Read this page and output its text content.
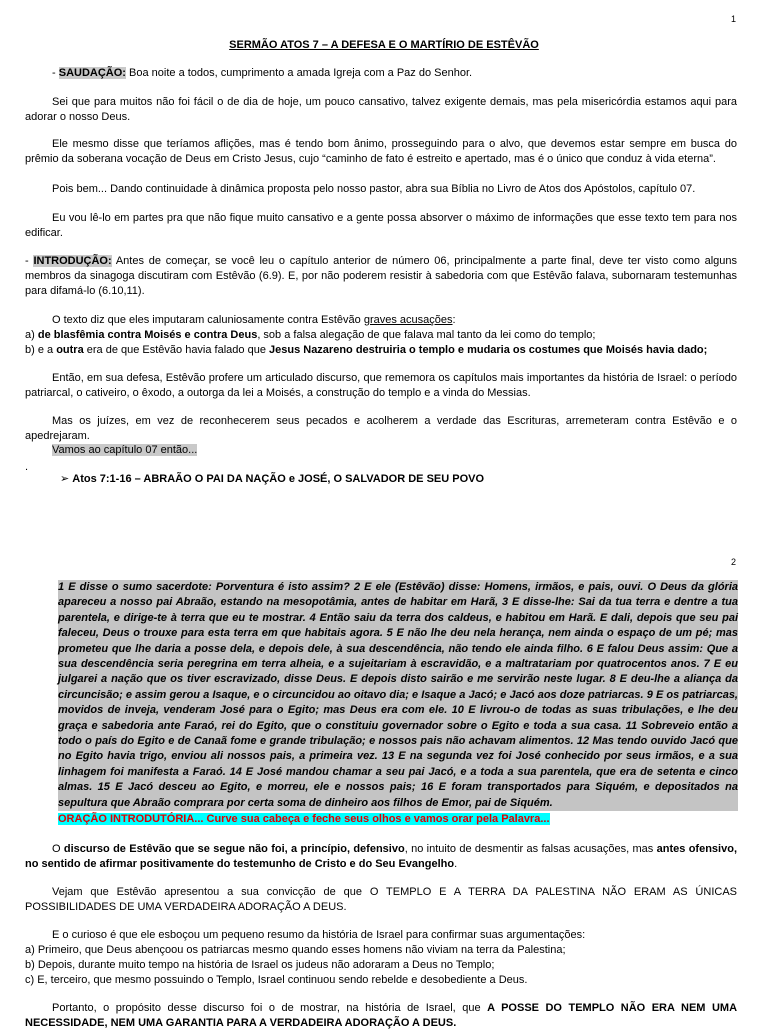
1
SERMÃO ATOS 7 – A DEFESA E O MARTÍRIO DE ESTÊVÃO
- SAUDAÇÃO: Boa noite a todos, cumprimento a amada Igreja com a Paz do Senhor.
Sei que para muitos não foi fácil o de dia de hoje, um pouco cansativo, talvez exigente demais, mas pela misericórdia estamos aqui para adorar o nosso Deus.
Ele mesmo disse que teríamos aflições, mas é tendo bom ânimo, prosseguindo para o alvo, que devemos estar sempre em busca do prêmio da soberana vocação de Deus em Cristo Jesus, cujo “caminho de fato é estreito e apertado, mas é o único que conduz à vida eterna”.
Pois bem... Dando continuidade à dinâmica proposta pelo nosso pastor, abra sua Bíblia no Livro de Atos dos Apóstolos, capítulo 07.
Eu vou lê-lo em partes pra que não fique muito cansativo e a gente possa absorver o máximo de informações que esse texto tem para nos edificar.
- INTRODUÇÃO: Antes de começar, se você leu o capítulo anterior de número 06, principalmente a parte final, deve ter visto como alguns membros da sinagoga discutiram com Estêvão (6.9). E, por não poderem resistir à sabedoria com que Estêvão falava, subornaram testemunhas para difamá-lo (6.10,11).
O texto diz que eles imputaram caluniosamente contra Estêvão graves acusações:
a) de blasfêmia contra Moisés e contra Deus, sob a falsa alegação de que falava mal tanto da lei como do templo;
b) e a outra era de que Estêvão havia falado que Jesus Nazareno destruiria o templo e mudaria os costumes que Moisés havia dado;
Então, em sua defesa, Estêvão profere um articulado discurso, que rememora os capítulos mais importantes da história de Israel: o período patriarcal, o cativeiro, o êxodo, a outorga da lei a Moisés, a construção do templo e a vinda do Messias.
Mas os juízes, em vez de reconhecerem seus pecados e acolherem a verdade das Escrituras, arremeteram contra Estêvão e o apedrejaram.
Vamos ao capítulo 07 então...
.
➢ Atos 7:1-16 – ABRAÃO O PAI DA NAÇÃO e JOSÉ, O SALVADOR DE SEU POVO
2
1 E disse o sumo sacerdote: Porventura é isto assim? 2 E ele (Estêvão) disse: Homens, irmãos, e pais, ouvi. O Deus da glória apareceu a nosso pai Abraão, estando na mesopotâmia, antes de habitar em Harã, 3 E disse-lhe: Sai da tua terra e dentre a tua parentela, e dirige-te à terra que eu te mostrar. 4 Então saiu da terra dos caldeus, e habitou em Harã. E dali, depois que seu pai faleceu, Deus o trouxe para esta terra em que habitais agora. 5 E não lhe deu nela herança, nem ainda o espaço de um pé; mas prometeu que lhe daria a posse dela, e depois dele, à sua descendência, não tendo ele ainda filho. 6 E falou Deus assim: Que a sua descendência seria peregrina em terra alheia, e a sujeitariam à escravidão, e a maltratariam por quatrocentos anos. 7 E eu julgarei a nação que os tiver escravizado, disse Deus. E depois disto sairão e me servirão neste lugar. 8 E deu-lhe a aliança da circuncisão; e assim gerou a Isaque, e o circuncidou ao oitavo dia; e Isaque a Jacó; e Jacó aos doze patriarcas. 9 E os patriarcas, movidos de inveja, venderam José para o Egito; mas Deus era com ele. 10 E livrou-o de todas as suas tribulações, e lhe deu graça e sabedoria ante Faraó, rei do Egito, que o constituiu governador sobre o Egito e toda a sua casa. 11 Sobreveio então a todo o país do Egito e de Canaã fome e grande tribulação; e nossos pais não achavam alimentos. 12 Mas tendo ouvido Jacó que no Egito havia trigo, enviou ali nossos pais, a primeira vez. 13 E na segunda vez foi José conhecido por seus irmãos, e a sua linhagem foi manifesta a Faraó. 14 E José mandou chamar a seu pai Jacó, e a toda a sua parentela, que era de setenta e cinco almas. 15 E Jacó desceu ao Egito, e morreu, ele e nossos pais; 16 E foram transportados para Siquém, e depositados na sepultura que Abraão comprara por certa soma de dinheiro aos filhos de Emor, pai de Siquém.
ORAÇÃO INTRODUTÓRIA... Curve sua cabeça e feche seus olhos e vamos orar pela Palavra...
O discurso de Estêvão que se segue não foi, a princípio, defensivo, no intuito de desmentir as falsas acusações, mas antes ofensivo, no sentido de afirmar positivamente do testemunho de Cristo e do Seu Evangelho.
Vejam que Estêvão apresentou a sua convicção de que O TEMPLO E A TERRA DA PALESTINA NÃO ERAM AS ÚNICAS POSSIBILIDADES DE UMA VERDADEIRA ADORAÇÃO A DEUS.
E o curioso é que ele esboçou um pequeno resumo da história de Israel para confirmar suas argumentações:
a) Primeiro, que Deus abençoou os patriarcas mesmo quando esses homens não viviam na terra da Palestina;
b) Depois, durante muito tempo na história de Israel os judeus não adoraram a Deus no Templo;
c) E, terceiro, que mesmo possuindo o Templo, Israel continuou sendo rebelde e desobediente a Deus.
Portanto, o propósito desse discurso foi o de mostrar, na história de Israel, que A POSSE DO TEMPLO NÃO ERA NEM UMA NECESSIDADE, NEM UMA GARANTIA PARA A VERDADEIRA ADORAÇÃO A DEUS.
